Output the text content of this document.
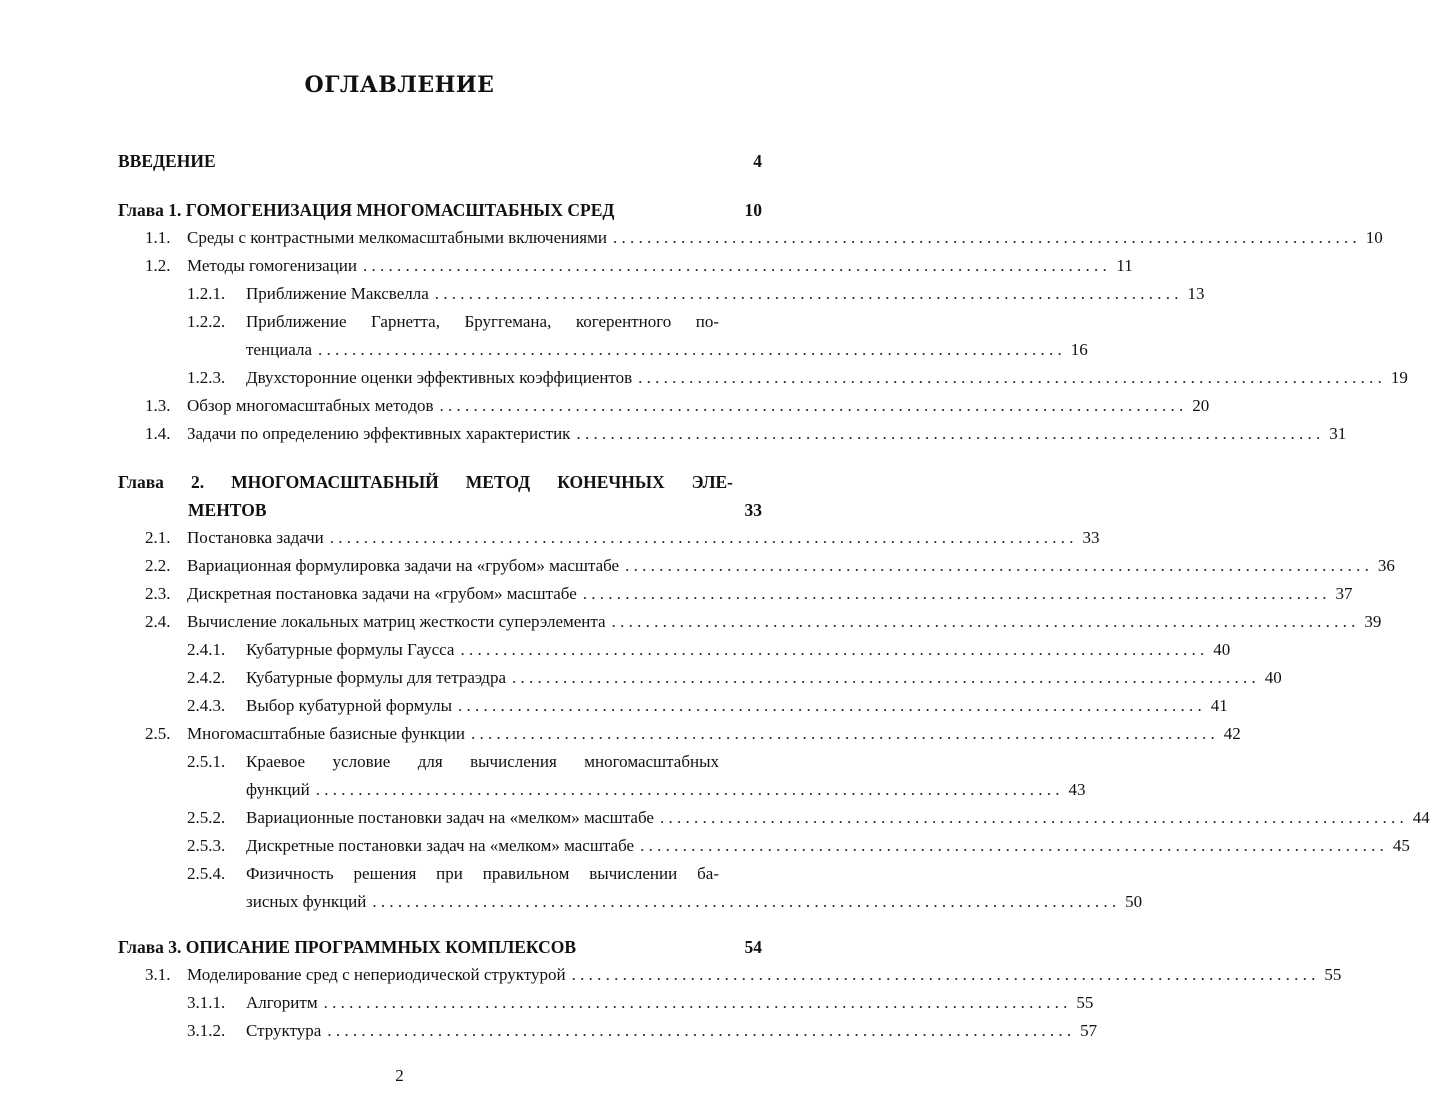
ОГЛАВЛЕНИЕ
ВВЕДЕНИЕ	4
Глава 1. ГОМОГЕНИЗАЦИЯ МНОГОМАСШТАБНЫХ СРЕД	10
1.1. Среды с контрастными мелкомасштабными включениями . . .	10
1.2. Методы гомогенизации . . .	11
1.2.1.	Приближение Максвелла . . .	13
1.2.2.	Приближение Гарнетта, Бруггемана, когерентного по-
тенциала . . .	16
1.2.3.	Двухсторонние оценки эффективных коэффициентов . . .	19
1.3. Обзор многомасштабных методов . . .	20
1.4. Задачи по определению эффективных характеристик . . .	31
Глава 2. МНОГОМАСШТАБНЫЙ МЕТОД КОНЕЧНЫХ ЭЛЕ-
МЕНТОВ	33
2.1. Постановка задачи . . .	33
2.2. Вариационная формулировка задачи на «грубом» масштабе . . .	36
2.3. Дискретная постановка задачи на «грубом» масштабе . . .	37
2.4. Вычисление локальных матриц жесткости суперэлемента . . .	39
2.4.1.	Кубатурные формулы Гаусса . . .	40
2.4.2.	Кубатурные формулы для тетраэдра . . .	40
2.4.3.	Выбор кубатурной формулы . . .	41
2.5. Многомасштабные базисные функции . . .	42
2.5.1.	Краевое условие для вычисления многомасштабных
функций . . .	43
2.5.2.	Вариационные постановки задач на «мелком» масштабе . . .	44
2.5.3.	Дискретные постановки задач на «мелком» масштабе . . .	45
2.5.4.	Физичность решения при правильном вычислении ба-
зисных функций . . .	50
Глава 3. ОПИСАНИЕ ПРОГРАММНЫХ КОМПЛЕКСОВ	54
3.1. Моделирование сред с непериодической структурой . . .	55
3.1.1.	Алгоритм . . .	55
3.1.2.	Структура . . .	57
2
